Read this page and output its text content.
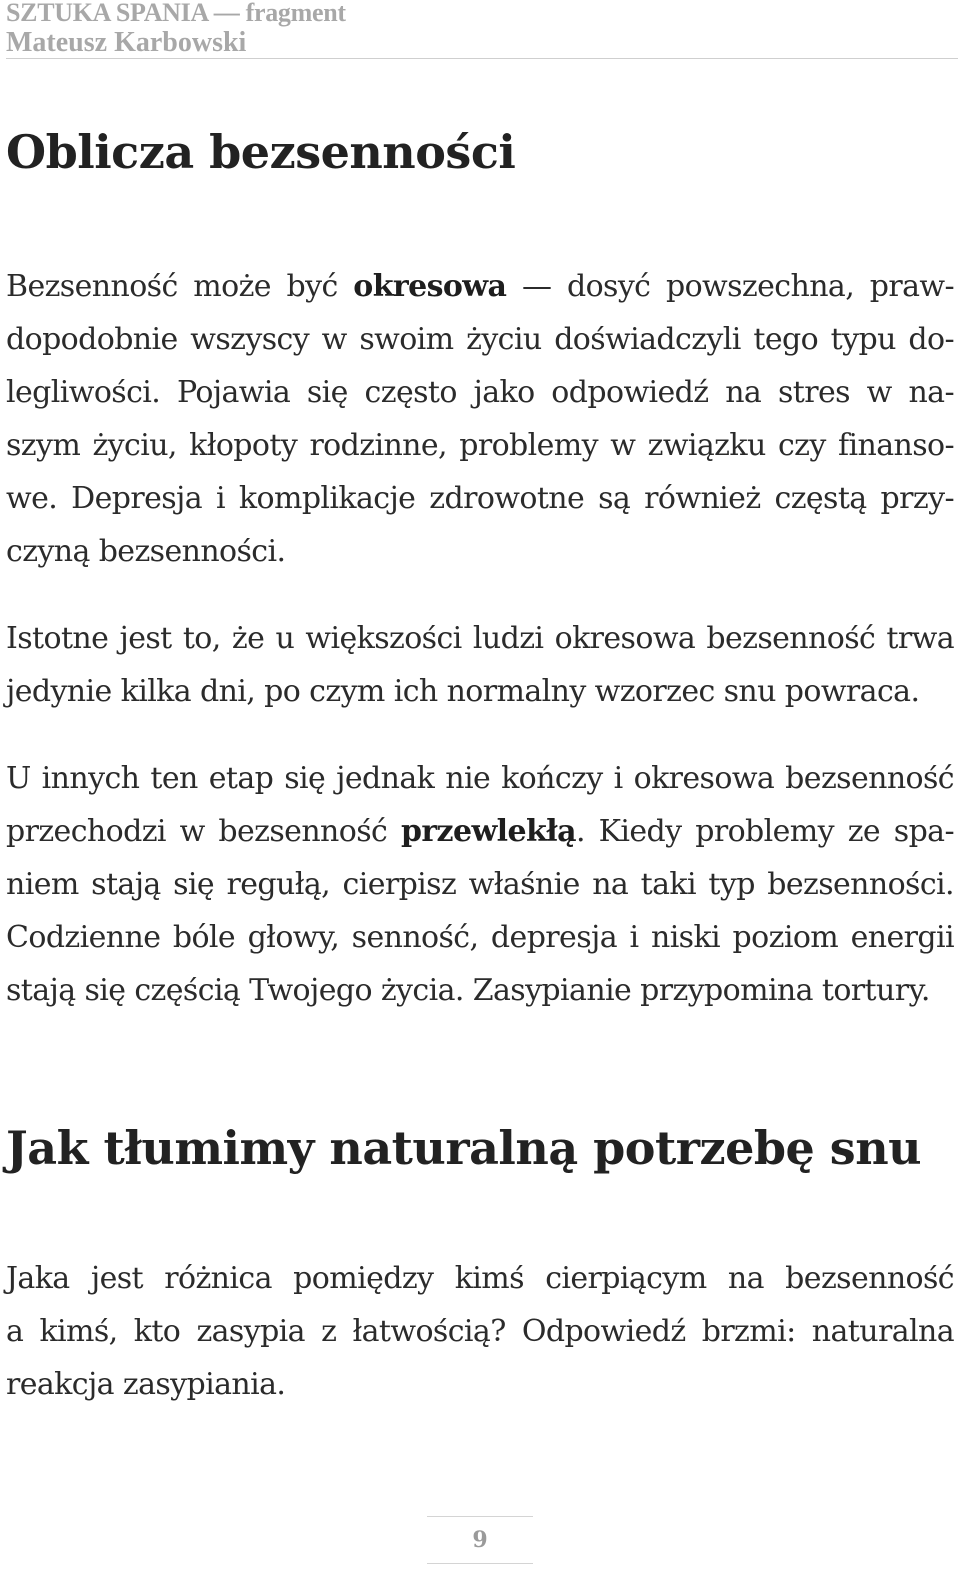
SZTUKA SPANIA — fragment
Mateusz Karbowski
Oblicza bezsenności
Bezsenność może być okresowa — dosyć powszechna, praw-
dopodobnie wszyscy w swoim życiu doświadczyli tego typu do-
legliwości. Pojawia się często jako odpowiedź na stres w na-
szym życiu, kłopoty rodzinne, problemy w związku czy finanso-
we. Depresja i komplikacje zdrowotne są również częstą przy-
czyną bezsenności.
Istotne jest to, że u większości ludzi okresowa bezsenność trwa
jedynie kilka dni, po czym ich normalny wzorzec snu powraca.
U innych ten etap się jednak nie kończy i okresowa bezsenność
przechodzi w bezsenność przewlekłą. Kiedy problemy ze spa-
niem stają się regułą, cierpisz właśnie na taki typ bezsenności.
Codzienne bóle głowy, senność, depresja i niski poziom energii
stają się częścią Twojego życia. Zasypianie przypomina tortury.
Jak tłumimy naturalną potrzebę snu
Jaka jest różnica pomiędzy kimś cierpiącym na bezsenność
a kimś, kto zasypia z łatwością? Odpowiedź brzmi: naturalna
reakcja zasypiania.
9
